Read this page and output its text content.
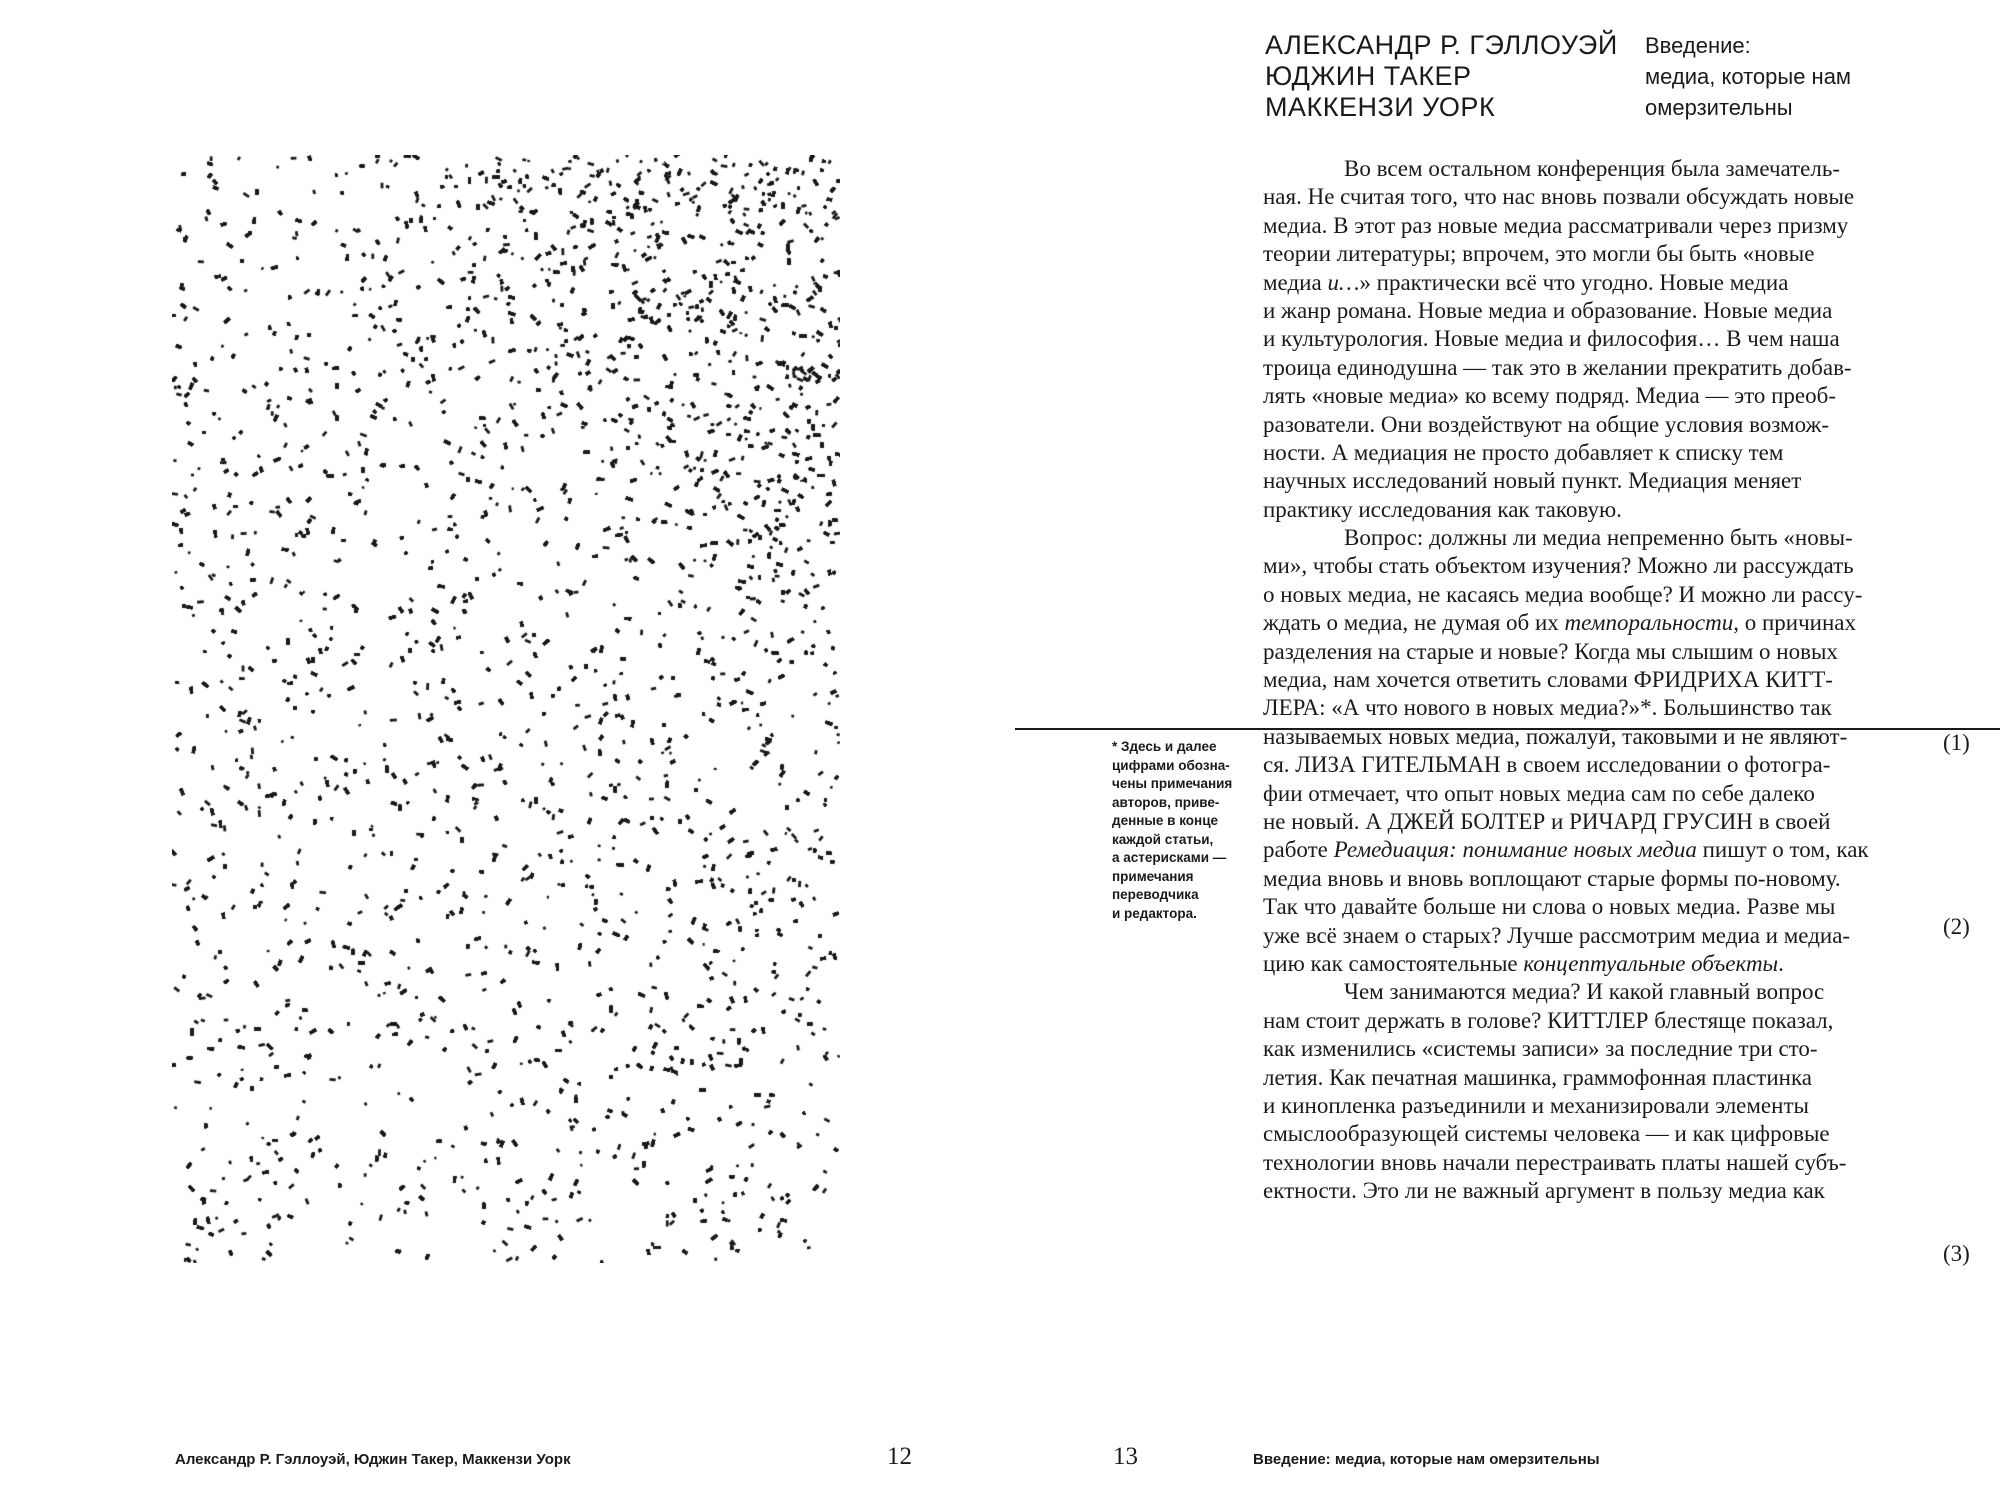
Александр Р. Гэллоуэй, Юджин Такер, Маккензи Уорк	12
АЛЕКСАНДР Р. ГЭЛЛОУЭЙ
ЮДЖИН ТАКЕР
МАККЕНЗИ УОРК
Введение:
медиа, которые нам
омерзительны
Во всем остальном конференция была замечатель-
ная. Не считая того, что нас вновь позвали обсуждать новые
медиа. В этот раз новые медиа рассматривали через призму
теории литературы; впрочем, это могли бы быть «новые
медиа и…» практически всё что угодно. Новые медиа
и жанр романа. Новые медиа и образование. Новые медиа
и культурология. Новые медиа и философия… В чем наша
троица единодушна — так это в желании прекратить добав-
лять «новые медиа» ко всему подряд. Медиа — это преоб-
разователи. Они воздействуют на общие условия возмож-
ности. А медиация не просто добавляет к списку тем
научных исследований новый пункт. Медиация меняет
практику исследования как таковую.
Вопрос: должны ли медиа непременно быть «новы-
ми», чтобы стать объектом изучения? Можно ли рассуждать
о новых медиа, не касаясь медиа вообще? И можно ли рассу-
ждать о медиа, не думая об их темпоральности, о причинах
разделения на старые и новые? Когда мы слышим о новых
медиа, нам хочется ответить словами ФРИДРИХА КИТТ-
ЛЕРА: «А что нового в новых медиа?»*. Большинство так
называемых новых медиа, пожалуй, таковыми и не являют-
ся. ЛИЗА ГИТЕЛЬМАН в своем исследовании о фотогра-
фии отмечает, что опыт новых медиа сам по себе далеко
не новый. А ДЖЕЙ БОЛТЕР и РИЧАРД ГРУСИН в своей
работе Ремедиация: понимание новых медиа пишут о том, как
медиа вновь и вновь воплощают старые формы по-новому.
Так что давайте больше ни слова о новых медиа. Разве мы
уже всё знаем о старых? Лучше рассмотрим медиа и медиа-
цию как самостоятельные концептуальные объекты.
Чем занимаются медиа? И какой главный вопрос
нам стоит держать в голове? КИТТЛЕР блестяще показал,
как изменились «системы записи» за последние три сто-
летия. Как печатная машинка, граммофонная пластинка
и кинопленка разъединили и механизировали элементы
смыслообразующей системы человека — и как цифровые
технологии вновь начали перестраивать платы нашей субъ-
ектности. Это ли не важный аргумент в пользу медиа как
* Здесь и далее
цифрами обозна-
чены примечания
авторов, приве-
денные в конце
каждой статьи,
а астерисками —
примечания
переводчика
и редактора.
(1)
(2)
(3)
Введение: медиа, которые нам омерзительны
13
